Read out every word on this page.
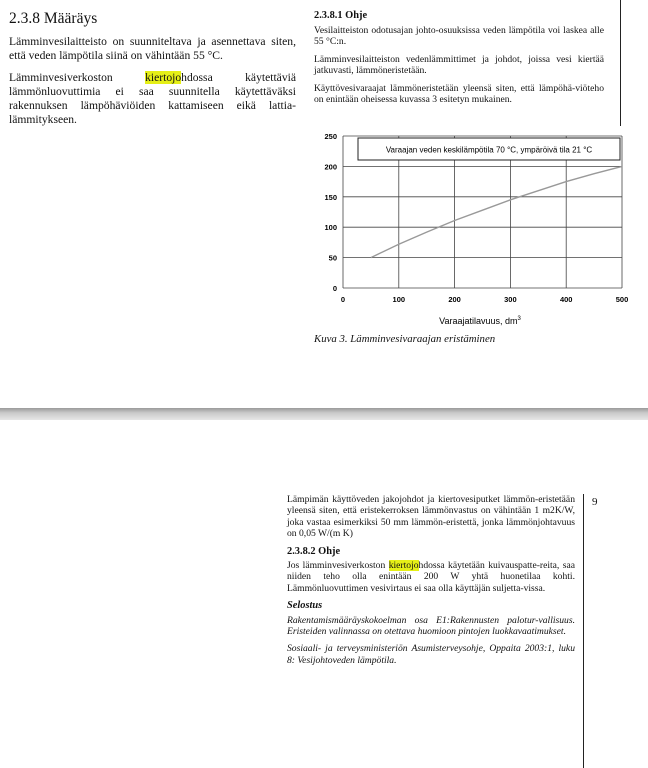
2.3.8 Määräys

Lämminvesilaitteisto on suunniteltava ja asennettava siten, että veden lämpötila siinä on vähintään 55 °C.

Lämminvesiverkoston kiertojohdossa käytettäviä lämmönluovuttimia ei saa suunnitella käytettäväksi rakennuksen lämpöhäviöiden kattamiseen eikä lattia-lämmitykseen.

2.3.8.1 Ohje

Vesilaitteiston odotusajan johto-osuuksissa veden lämpötila voi laskea alle 55 °C:n.

Lämminvesilaitteiston vedenlämmittimet ja johdot, joissa vesi kiertää jatkuvasti, lämmöneristetään.

Käyttövesivaraajat lämmöneristetään yleensä siten, että lämpöhä-viöteho on enintään oheisessa kuvassa 3 esitetyn mukainen.

0
50
100
150
200
250
0	100	200	300	400	500
Varaajan veden keskilämpötila 70 °C, ympäröivä tila 21 °C
Varaajatilavuus, $dm^3$
Kuva 3. Lämminvesivaraajan eristäminen
9

Lämpimän käyttöveden jakojohdot ja kiertovesiputket lämmön-eristetään yleensä siten, että eristekerroksen lämmönvastus on vähintään 1 m2K/W, joka vastaa esimerkiksi 50 mm lämmön-eristettä, jonka lämmönjohtavuus on 0,05 W/(m K)

2.3.8.2 Ohje

Jos lämminvesiverkoston kiertojohdossa käytetään kuivauspatte-reita, saa niiden teho olla enintään 200 W yhtä huonetilaa kohti. Lämmönluovuttimen vesivirtaus ei saa olla käyttäjän suljetta-vissa.

Selostus

Rakentamismääräyskokoelman osa E1:Rakennusten palotur-vallisuus. Eristeiden valinnassa on otettava huomioon pintojen luokkavaatimukset.

Sosiaali- ja terveysministeriön Asumisterveysohje, Oppaita 2003:1, luku 8: Vesijohtoveden lämpötila.
